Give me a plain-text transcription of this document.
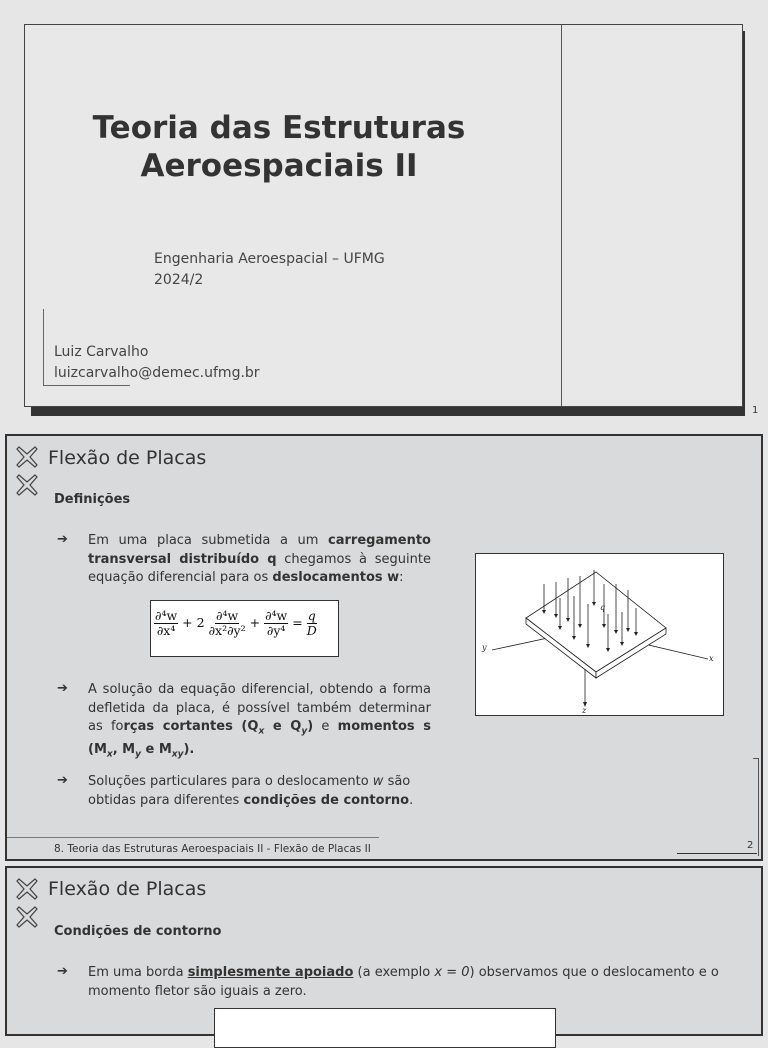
Teoria das Estruturas
Aeroespaciais II
Engenharia Aeroespacial – UFMG
2024/2
Luiz Carvalho
luizcarvalho@demec.ufmg.br
1
Flexão de Placas
Definições
➔ Em uma placa submetida a um carregamento transversal distribuído q chegamos à seguinte equação diferencial para os deslocamentos w:
$\frac{\text{∂⁴w}}{\text{∂x⁴}} + 2 \frac{\text{∂⁴w}}{\text{∂x²∂y²}} + \frac{\text{∂⁴w}}{\text{∂y⁴}} = \frac{q}{D}$
➔ A solução da equação diferencial, obtendo a forma defletida da placa, é possível também determinar as forças cortantes ($Q_x$ e $Q_y$) e momentos s ($M_x$, $M_y$ e $M_{xy}$).
➔ Soluções particulares para o deslocamento w são obtidas para diferentes condições de contorno.
q
x
y
z
8. Teoria das Estruturas Aeroespaciais II - Flexão de Placas II	2
Flexão de Placas
Condições de contorno
➔ Em uma borda simplesmente apoiado (a exemplo x = 0) observamos que o deslocamento e o momento fletor são iguais a zero.
